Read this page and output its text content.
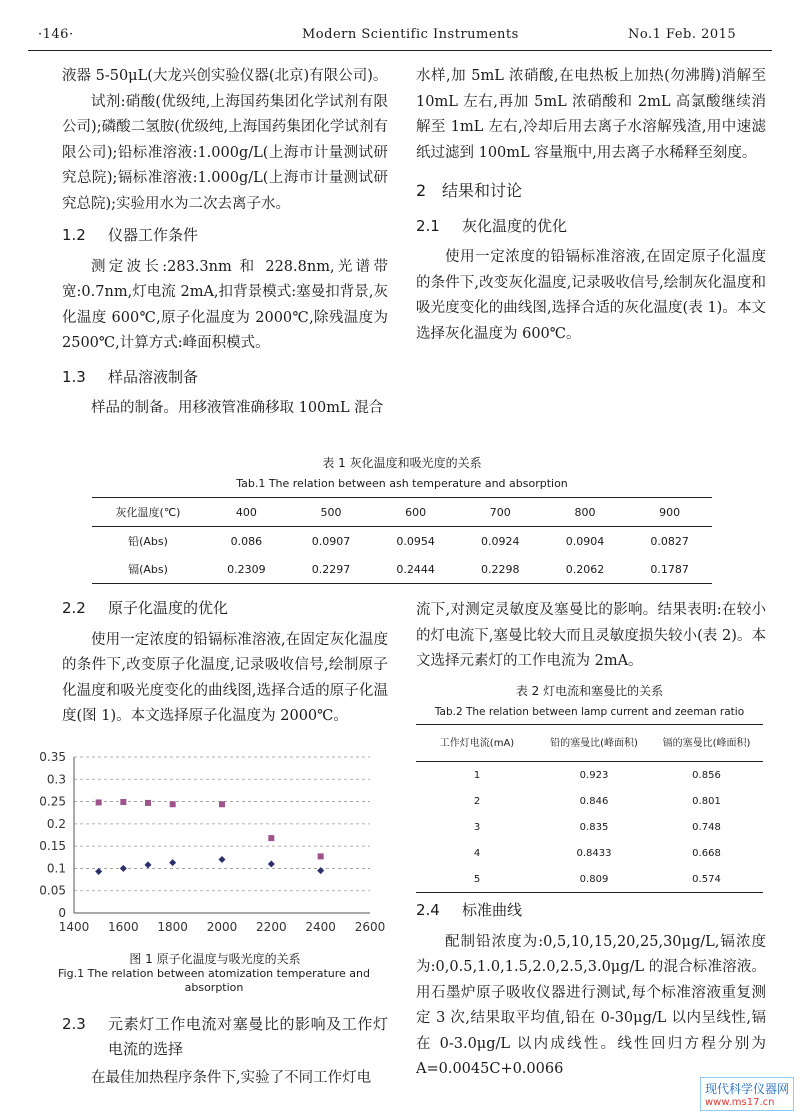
·146·	Modern Scientific Instruments	No.1 Feb. 2015

液器 5-50μL(大龙兴创实验仪器(北京)有限公司)。

试剂:硝酸(优级纯,上海国药集团化学试剂有限公司);磷酸二氢胺(优级纯,上海国药集团化学试剂有限公司);铅标准溶液:1.000g/L(上海市计量测试研究总院);镉标准溶液:1.000g/L(上海市计量测试研究总院);实验用水为二次去离子水。

1.2 仪器工作条件

测定波长:283.3nm 和 228.8nm,光谱带宽:0.7nm,灯电流 2mA,扣背景模式:塞曼扣背景,灰化温度 600℃,原子化温度为 2000℃,除残温度为 2500℃,计算方式:峰面积模式。

1.3 样品溶液制备

样品的制备。用移液管准确移取 100mL 混合

水样,加 5mL 浓硝酸,在电热板上加热(勿沸腾)消解至 10mL 左右,再加 5mL 浓硝酸和 2mL 高氯酸继续消解至 1mL 左右,冷却后用去离子水溶解残渣,用中速滤纸过滤到 100mL 容量瓶中,用去离子水稀释至刻度。

2 结果和讨论
2.1 灰化温度的优化

使用一定浓度的铅镉标准溶液,在固定原子化温度的条件下,改变灰化温度,记录吸收信号,绘制灰化温度和吸光度变化的曲线图,选择合适的灰化温度(表 1)。本文选择灰化温度为 600℃。

表 1 灰化温度和吸光度的关系
Tab.1 The relation between ash temperature and absorption
灰化温度(℃)	400	500	600	700	800	900
铅(Abs)	0.086	0.0907	0.0954	0.0924	0.0904	0.0827
镉(Abs)	0.2309	0.2297	0.2444	0.2298	0.2062	0.1787
2.2 原子化温度的优化

使用一定浓度的铅镉标准溶液,在固定灰化温度的条件下,改变原子化温度,记录吸收信号,绘制原子化温度和吸光度变化的曲线图,选择合适的原子化温度(图 1)。本文选择原子化温度为 2000℃。

0
0.05
0.1
0.15
0.2
0.25
0.3
0.35
1400 1600 1800 2000 2200 2400 2600
图 1 原子化温度与吸光度的关系
Fig.1 The relation between atomization temperature and
absorption
2.3	元素灯工作电流对塞曼比的影响及工作灯电流的选择

在最佳加热程序条件下,实验了不同工作灯电

流下,对测定灵敏度及塞曼比的影响。结果表明:在较小的灯电流下,塞曼比较大而且灵敏度损失较小(表 2)。本文选择元素灯的工作电流为 2mA。

表 2 灯电流和塞曼比的关系
Tab.2 The relation between lamp current and zeeman ratio
工作灯电流(mA)	铅的塞曼比(峰面积)	镉的塞曼比(峰面积)
1	0.923	0.856
2	0.846	0.801
3	0.835	0.748
4	0.8433	0.668
5	0.809	0.574
2.4 标准曲线

配制铅浓度为:0,5,10,15,20,25,30μg/L,镉浓度为:0,0.5,1.0,1.5,2.0,2.5,3.0μg/L 的混合标准溶液。用石墨炉原子吸收仪器进行测试,每个标准溶液重复测定 3 次,结果取平均值,铅在 0-30μg/L 以内呈线性,镉在 0-3.0μg/L 以内成线性。线性回归方程分别为 A=0.0045C+0.0066

现代科学仪器网
www.ms17.cn
